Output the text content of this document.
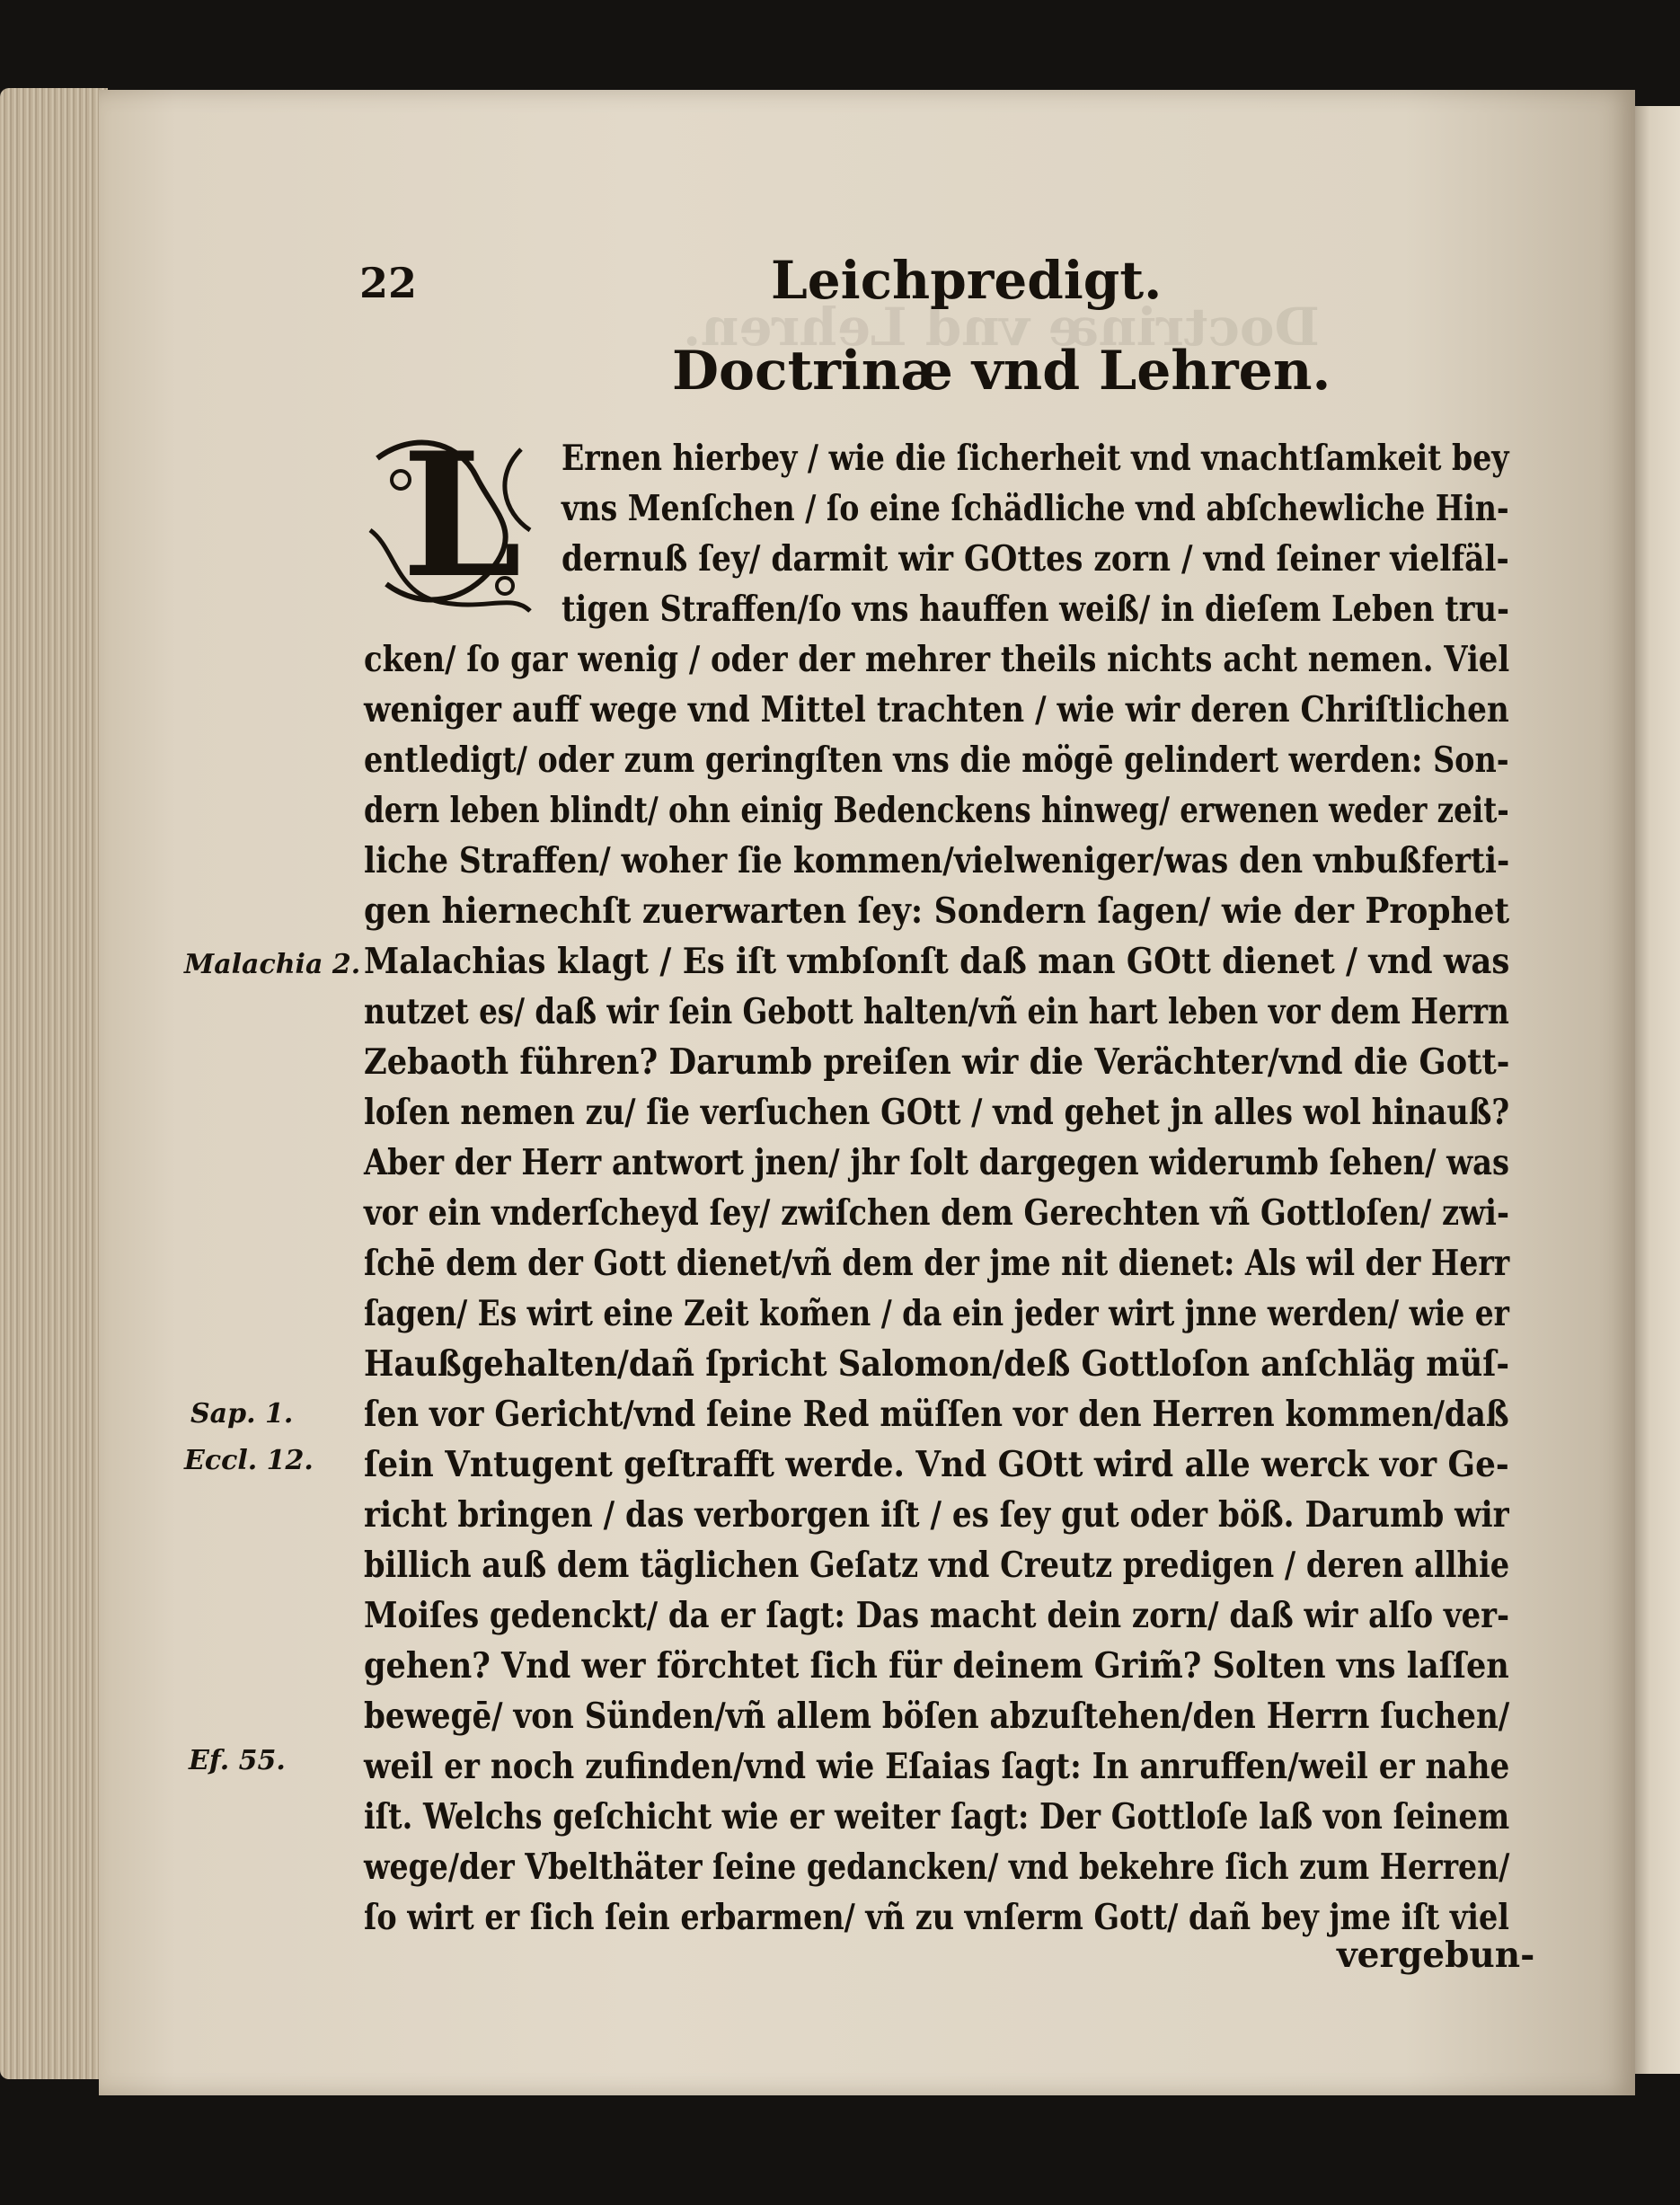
Doctrinæ vnd Lehren.
22	Leichpredigt.
Doctrinæ vnd Lehren.
L	Ernen hierbey / wie die ſicherheit vnd vnachtſamkeit bey
vns Menſchen / ſo eine ſchädliche vnd abſchewliche Hin-
dernuß ſey/ darmit wir GOttes zorn / vnd ſeiner vielfäl-
tigen Straffen/ſo vns hauffen weiß/ in dieſem Leben tru-
cken/ ſo gar wenig / oder der mehrer theils nichts acht nemen. Viel
weniger auff wege vnd Mittel trachten / wie wir deren Chriſtlichen
entledigt/ oder zum geringſten vns die mögē gelindert werden: Son-
dern leben blindt/ ohn einig Bedenckens hinweg/ erwenen weder zeit-
liche Straffen/ woher ſie kommen/vielweniger/was den vnbußferti-
gen hiernechſt zuerwarten ſey: Sondern ſagen/ wie der Prophet
Malachias klagt / Es iſt vmbſonſt daß man GOtt dienet / vnd was
nutzet es/ daß wir ſein Gebott halten/vñ ein hart leben vor dem Herrn
Zebaoth führen? Darumb preiſen wir die Verächter/vnd die Gott-
loſen nemen zu/ ſie verſuchen GOtt / vnd gehet jn alles wol hinauß?
Aber der Herr antwort jnen/ jhr ſolt dargegen widerumb ſehen/ was
vor ein vnderſcheyd ſey/ zwiſchen dem Gerechten vñ Gottloſen/ zwi-
ſchē dem der Gott dienet/vñ dem der jme nit dienet: Als wil der Herr
ſagen/ Es wirt eine Zeit kom̃en / da ein jeder wirt jnne werden/ wie er
Haußgehalten/dañ ſpricht Salomon/deß Gottloſon anſchläg müſ-
ſen vor Gericht/vnd ſeine Red müſſen vor den Herren kommen/daß
ſein Vntugent geſtrafft werde. Vnd GOtt wird alle werck vor Ge-
richt bringen / das verborgen iſt / es ſey gut oder böß. Darumb wir
billich auß dem täglichen Geſatz vnd Creutz predigen / deren allhie
Moiſes gedenckt/ da er ſagt: Das macht dein zorn/ daß wir alſo ver-
gehen? Vnd wer förchtet ſich für deinem Grim̃? Solten vns laſſen
bewegē/ von Sünden/vñ allem böſen abzuſtehen/den Herrn ſuchen/
weil er noch zufinden/vnd wie Eſaias ſagt: In anruffen/weil er nahe
iſt. Welchs geſchicht wie er weiter ſagt: Der Gottloſe laß von ſeinem
wege/der Vbelthäter ſeine gedancken/ vnd bekehre ſich zum Herren/
ſo wirt er ſich ſein erbarmen/ vñ zu vnſerm Gott/ dañ bey jme iſt viel
vergebun-
Malachia 2.
Sap. 1.
Eccl. 12.
Ef. 55.
